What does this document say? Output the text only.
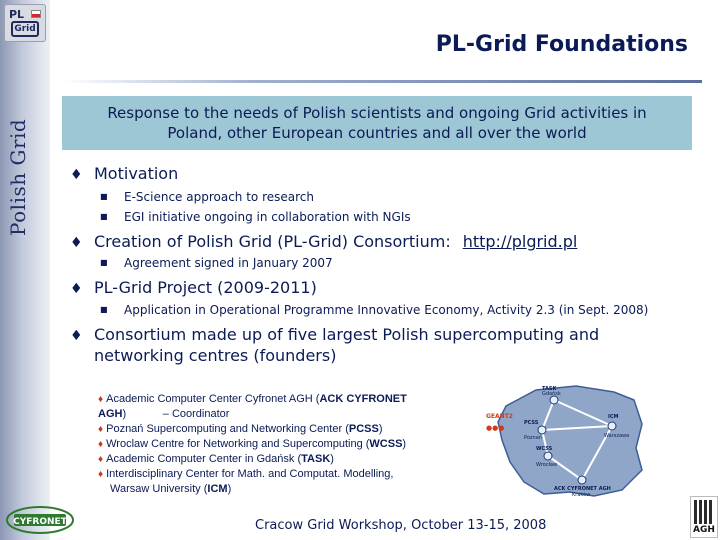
PL
Grid
Polish Grid
PL-Grid Foundations
Response to the needs of Polish scientists and ongoing Grid activities in Poland, other European countries and all over the world
♦ Motivation
■ E-Science approach to research
■ EGI initiative ongoing in collaboration with NGIs
♦ Creation of Polish Grid (PL-Grid) Consortium: http://plgrid.pl
■ Agreement signed in January 2007
♦ PL-Grid Project (2009-2011)
■ Application in Operational Programme Innovative Economy, Activity 2.3 (in Sept. 2008)
♦ Consortium made up of five largest Polish supercomputing and networking centres (founders)
♦ Academic Computer Center Cyfronet AGH (ACK CYFRONET
AGH)            – Coordinator
♦ Poznań Supercomputing and Networking Center (PCSS)
♦ Wroclaw Centre for Networking and Supercomputing (WCSS)
♦ Academic Computer Center in Gdańsk (TASK)
♦ Interdisciplinary Center for Math. and Computat. Modelling,
Warsaw University (ICM)
TASK
Gdańsk
PCSS
Poznań
ICM
Warszawa
WCSS
Wrocław
ACK CYFRONET AGH
Kraków
GEANT2
●●●
Cracow Grid Workshop, October 13-15, 2008
CYFRONET
AGH
